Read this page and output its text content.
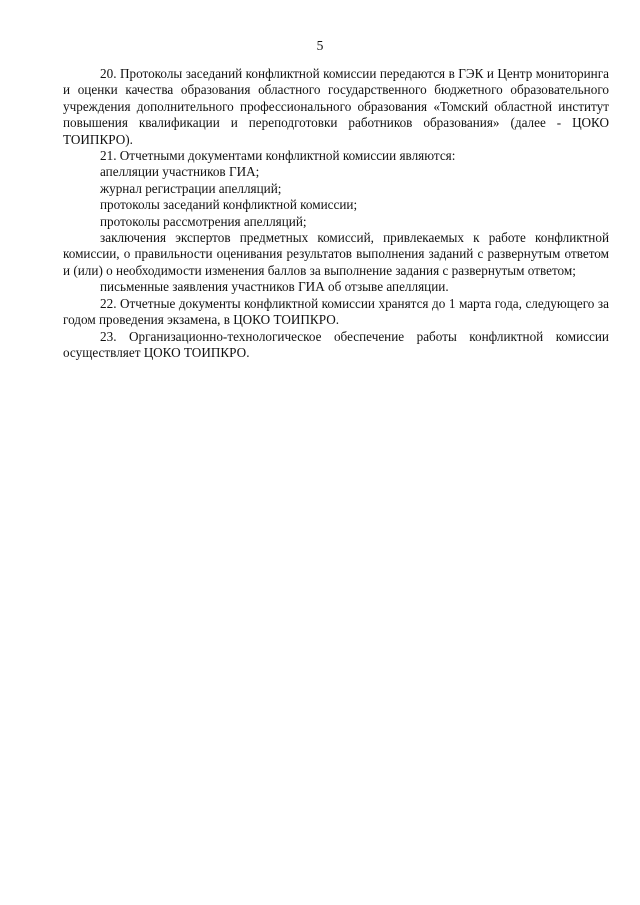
5

20. Протоколы заседаний конфликтной комиссии передаются в ГЭК и Центр мониторинга и оценки качества образования областного государственного бюджетного образовательного учреждения дополнительного профессионального образования «Томский областной институт повышения квалификации и переподготовки работников образования» (далее - ЦОКО ТОИПКРО).

21. Отчетными документами конфликтной комиссии являются:

апелляции участников ГИА;

журнал регистрации апелляций;

протоколы заседаний конфликтной комиссии;

протоколы рассмотрения апелляций;

заключения экспертов предметных комиссий, привлекаемых к работе конфликтной комиссии, о правильности оценивания результатов выполнения заданий с развернутым ответом и (или) о необходимости изменения баллов за выполнение задания с развернутым ответом;

письменные заявления участников ГИА об отзыве апелляции.

22. Отчетные документы конфликтной комиссии хранятся до 1 марта года, следующего за годом проведения экзамена, в ЦОКО ТОИПКРО.

23. Организационно-технологическое обеспечение работы конфликтной комиссии осуществляет ЦОКО ТОИПКРО.
